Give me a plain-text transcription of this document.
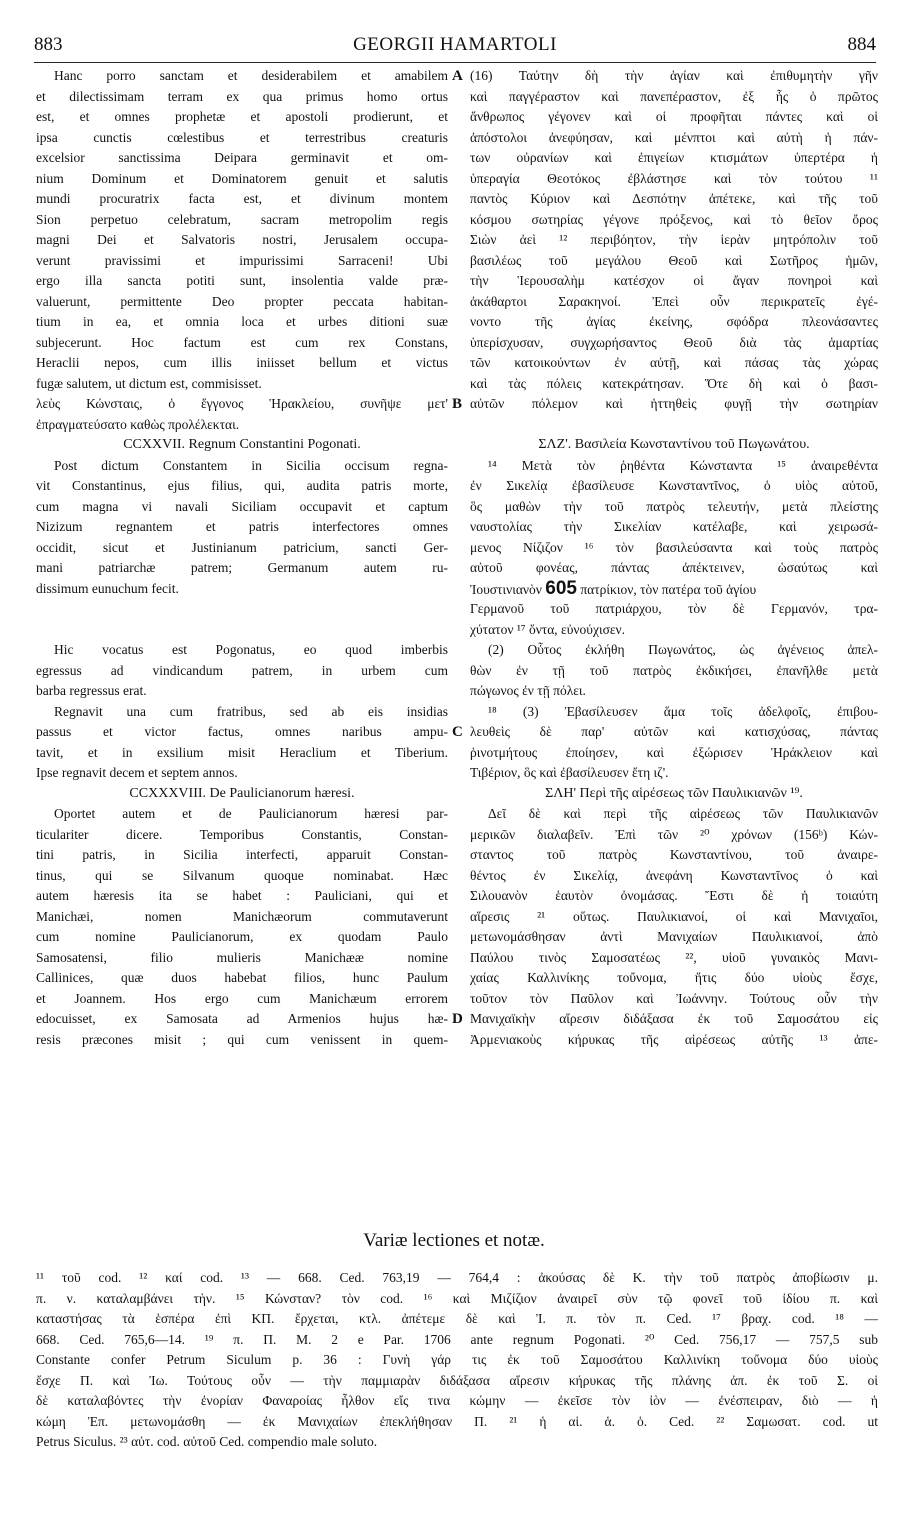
883	GEORGII HAMARTOLI	884
Hanc porro sanctam et desiderabilem et amabilem
et dilectissimam terram ex qua primus homo ortus
est, et omnes prophetæ et apostoli prodierunt, et
ipsa cunctis cœlestibus et terrestribus creaturis
excelsior sanctissima Deipara germinavit et om-
nium Dominum et Dominatorem genuit et salutis
mundi procuratrix facta est, et divinum montem
Sion perpetuo celebratum, sacram metropolim regis
magni Dei et Salvatoris nostri, Jerusalem occupa-
verunt pravissimi et impurissimi Sarraceni! Ubi
ergo illa sancta potiti sunt, insolentia valde præ-
valuerunt, permittente Deo propter peccata habitan-
tium in ea, et omnia loca et urbes ditioni suæ
subjecerunt. Hoc factum est cum rex Constans,
Heraclii nepos, cum illis iniisset bellum et victus
fugæ salutem, ut dictum est, commisisset.
λεὺς Κώνσταις, ὁ ἔγγονος Ἡρακλείου, συνῆψε μετ'
ἐπραγματεύσατο καθὼς προλέλεκται.
CCXXVII. Regnum Constantini Pogonati.
Post dictum Constantem in Sicilia occisum regna-
vit Constantinus, ejus filius, qui, audita patris morte,
cum magna vi navali Siciliam occupavit et captum
Nizizum regnantem et patris interfectores omnes
occidit, sicut et Justinianum patricium, sancti Ger-
mani patriarchæ patrem; Germanum autem ru-
dissimum eunuchum fecit.
Hic vocatus est Pogonatus, eo quod imberbis
egressus ad vindicandum patrem, in urbem cum
barba regressus erat.
Regnavit una cum fratribus, sed ab eis insidias
passus et victor factus, omnes naribus ampu-
tavit, et in exsilium misit Heraclium et Tiberium.
Ipse regnavit decem et septem annos.
CCXXXVIII. De Paulicianorum hæresi.
Oportet autem et de Paulicianorum hæresi par-
ticulariter dicere. Temporibus Constantis, Constan-
tini patris, in Sicilia interfecti, apparuit Constan-
tinus, qui se Silvanum quoque nominabat. Hæc
autem hæresis ita se habet : Pauliciani, qui et
Manichæi, nomen Manichæorum commutaverunt
cum nomine Paulicianorum, ex quodam Paulo
Samosatensi, filio mulieris Manichææ nomine
Callinices, quæ duos habebat filios, hunc Paulum
et Joannem. Hos ergo cum Manichæum errorem
edocuisset, ex Samosata ad Armenios hujus hæ-
resis præcones misit ; qui cum venissent in quem-
A
B
C
D
(16) Ταύτην δὴ τὴν ἁγίαν καὶ ἐπιθυμητὴν γῆν
καὶ παγγέραστον καὶ πανεπέραστον, ἐξ ἧς ὁ πρῶτος
ἄνθρωπος γέγονεν καὶ οἱ προφῆται πάντες καὶ οἱ
ἀπόστολοι ἀνεφύησαν, καὶ μένπτοι καὶ αὐτὴ ἡ πάν-
των οὐρανίων καὶ ἐπιγείων κτισμάτων ὑπερτέρα ἡ
ὑπεραγία Θεοτόκος ἐβλάστησε καὶ τὸν τούτου ¹¹
παντὸς Κύριον καὶ Δεσπότην ἀπέτεκε, καὶ τῆς τοῦ
κόσμου σωτηρίας γέγονε πρόξενος, καὶ τὸ θεῖον ὄρος
Σιὼν ἀεὶ ¹² περιβόητον, τὴν ἱερὰν μητρόπολιν τοῦ
βασιλέως τοῦ μεγάλου Θεοῦ καὶ Σωτῆρος ἡμῶν,
τὴν Ἱερουσαλὴμ κατέσχον οἱ ἄγαν πονηροὶ καὶ
ἀκάθαρτοι Σαρακηνοί. Ἐπεὶ οὖν περικρατεῖς ἐγέ-
νοντο τῆς ἁγίας ἐκείνης, σφόδρα πλεονάσαντες
ὑπερίσχυσαν, συγχωρήσαντος Θεοῦ διὰ τὰς ἁμαρτίας
τῶν κατοικούντων ἐν αὐτῇ, καὶ πάσας τὰς χώρας
καὶ τὰς πόλεις κατεκράτησαν. Ὅτε δὴ καὶ ὁ βασι-
αὐτῶν πόλεμον καὶ ἡττηθεὶς φυγῇ τὴν σωτηρίαν
ΣΛΖ'. Βασιλεία Κωνσταντίνου τοῦ Πωγωνάτου.
¹⁴ Μετὰ τὸν ῥηθέντα Κώνσταντα ¹⁵ ἀναιρεθέντα
ἐν Σικελίᾳ ἐβασίλευσε Κωνσταντῖνος, ὁ υἱὸς αὐτοῦ,
ὃς μαθὼν τὴν τοῦ πατρὸς τελευτήν, μετὰ πλείστης
ναυστολίας τὴν Σικελίαν κατέλαβε, καὶ χειρωσά-
μενος Νίζιζον ¹⁶ τὸν βασιλεύσαντα καὶ τοὺς πατρὸς
αὐτοῦ φονέας, πάντας ἀπέκτεινεν, ὡσαύτως καὶ
Ἰουστινιανὸν 605 πατρίκιον, τὸν πατέρα τοῦ ἁγίου
Γερμανοῦ τοῦ πατριάρχου, τὸν δὲ Γερμανόν, τρα-
χύτατον ¹⁷ ὄντα, εὐνούχισεν.
(2) Οὗτος ἐκλήθη Πωγωνάτος, ὡς ἀγένειος ἀπελ-
θὼν ἐν τῇ τοῦ πατρὸς ἐκδικήσει, ἐπανῆλθε μετὰ
πώγωνος ἐν τῇ πόλει.
¹⁸ (3) Ἐβασίλευσεν ἅμα τοῖς ἀδελφοῖς, ἐπιβου-
λευθεὶς δὲ παρ' αὐτῶν καὶ κατισχύσας, πάντας
ῥινοτμήτους ἐποίησεν, καὶ ἐξώρισεν Ἡράκλειον καὶ
Τιβέριον, ὃς καὶ ἐβασίλευσεν ἔτη ιζ'.
ΣΛΗ' Περὶ τῆς αἱρέσεως τῶν Παυλικιανῶν ¹⁹.
Δεῖ δὲ καὶ περὶ τῆς αἱρέσεως τῶν Παυλικιανῶν
μερικῶν διαλαβεῖν. Ἐπὶ τῶν ²⁰ χρόνων (156ᵇ) Κών-
σταντος τοῦ πατρὸς Κωνσταντίνου, τοῦ ἀναιρε-
θέντος ἐν Σικελίᾳ, ἀνεφάνη Κωνσταντῖνος ὁ καὶ
Σιλουανὸν ἑαυτὸν ὀνομάσας. Ἔστι δὲ ἡ τοιαύτη
αἵρεσις ²¹ οὕτως. Παυλικιανοί, οἱ καὶ Μανιχαῖοι,
μετωνομάσθησαν ἀντὶ Μανιχαίων Παυλικιανοί, ἀπὸ
Παύλου τινὸς Σαμοσατέως ²², υἱοῦ γυναικὸς Μανι-
χαίας Καλλινίκης τοὔνομα, ἥτις δύο υἱοὺς ἔσχε,
τοῦτον τὸν Παῦλον καὶ Ἰωάννην. Τούτους οὖν τὴν
Μανιχαϊκὴν αἵρεσιν διδάξασα ἐκ τοῦ Σαμοσάτου εἰς
Ἀρμενιακοὺς κήρυκας τῆς αἱρέσεως αὐτῆς ¹³ ἀπε-
Variæ lectiones et notæ.
¹¹ τοῦ cod. ¹² καί cod. ¹³ — 668. Ced. 763,19 — 764,4 : ἀκούσας δὲ Κ. τὴν τοῦ πατρὸς ἀποβίωσιν μ.
π. ν. καταλαμβάνει τὴν. ¹⁵ Κώνσταν? τὸν cod. ¹⁶ καὶ Μιζίζιον ἀναιρεῖ σὺν τῷ φονεῖ τοῦ ἰδίου π. καὶ
καταστήσας τὰ ἑσπέρα ἐπὶ ΚΠ. ἔρχεται, κτλ. ἀπέτεμε δὲ καὶ Ἰ. π. τὸν π. Ced. ¹⁷ βραχ. cod. ¹⁸ —
668. Ced. 765,6—14. ¹⁹ π. Π. Μ. 2 e Par. 1706 ante regnum Pogonati. ²⁰ Ced. 756,17 — 757,5 sub
Constante confer Petrum Siculum p. 36 : Γυνὴ γάρ τις ἐκ τοῦ Σαμοσάτου Καλλινίκη τοὔνομα δύο υἱοὺς
ἔσχε Π. καὶ Ἰω. Τούτους οὖν — τὴν παμμιαρὰν διδάξασα αἵρεσιν κήρυκας τῆς πλάνης ἀπ. ἐκ τοῦ Σ. οἱ
δὲ καταλαβόντες τὴν ἐνορίαν Φαναροίας ἦλθον εἴς τινα κώμην — ἐκεῖσε τὸν ἰὸν — ἐνέσπειραν, διὸ — ἡ
κώμη Ἐπ. μετωνομάσθη — ἐκ Μανιχαίων ἐπεκλήθησαν Π. ²¹ ἡ αἱ. ἁ. ὁ. Ced. ²² Σαμωσατ. cod. ut
Petrus Siculus. ²³ αὐτ. cod. αὐτοῦ Ced. compendio male soluto.
